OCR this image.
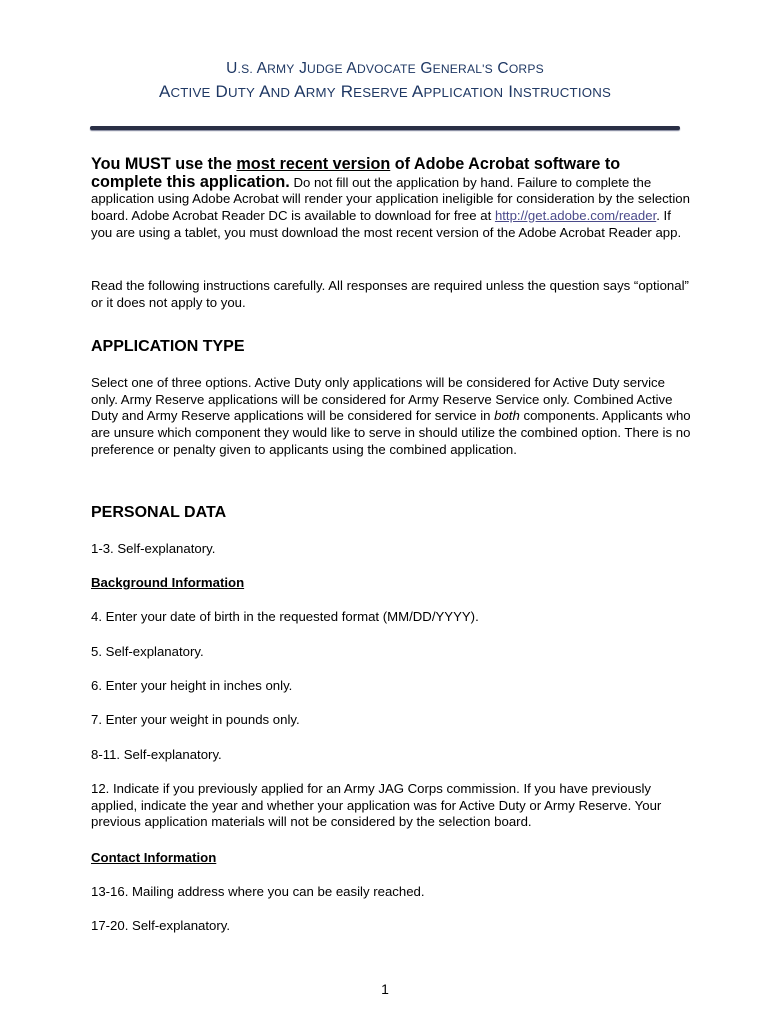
U.S. ARMY JUDGE ADVOCATE GENERAL'S CORPS
ACTIVE DUTY AND ARMY RESERVE APPLICATION INSTRUCTIONS
You MUST use the most recent version of Adobe Acrobat software to
complete this application. Do not fill out the application by hand. Failure to complete the application using Adobe Acrobat will render your application ineligible for consideration by the selection board. Adobe Acrobat Reader DC is available to download for free at http://get.adobe.com/reader. If you are using a tablet, you must download the most recent version of the Adobe Acrobat Reader app.
Read the following instructions carefully. All responses are required unless the question says “optional” or it does not apply to you.
APPLICATION TYPE
Select one of three options. Active Duty only applications will be considered for Active Duty service only. Army Reserve applications will be considered for Army Reserve Service only. Combined Active Duty and Army Reserve applications will be considered for service in both components. Applicants who are unsure which component they would like to serve in should utilize the combined option. There is no preference or penalty given to applicants using the combined application.
PERSONAL DATA
1-3. Self-explanatory.
Background Information
4. Enter your date of birth in the requested format (MM/DD/YYYY).
5. Self-explanatory.
6. Enter your height in inches only.
7. Enter your weight in pounds only.
8-11. Self-explanatory.
12. Indicate if you previously applied for an Army JAG Corps commission. If you have previously applied, indicate the year and whether your application was for Active Duty or Army Reserve. Your previous application materials will not be considered by the selection board.
Contact Information
13-16. Mailing address where you can be easily reached.
17-20. Self-explanatory.
1
